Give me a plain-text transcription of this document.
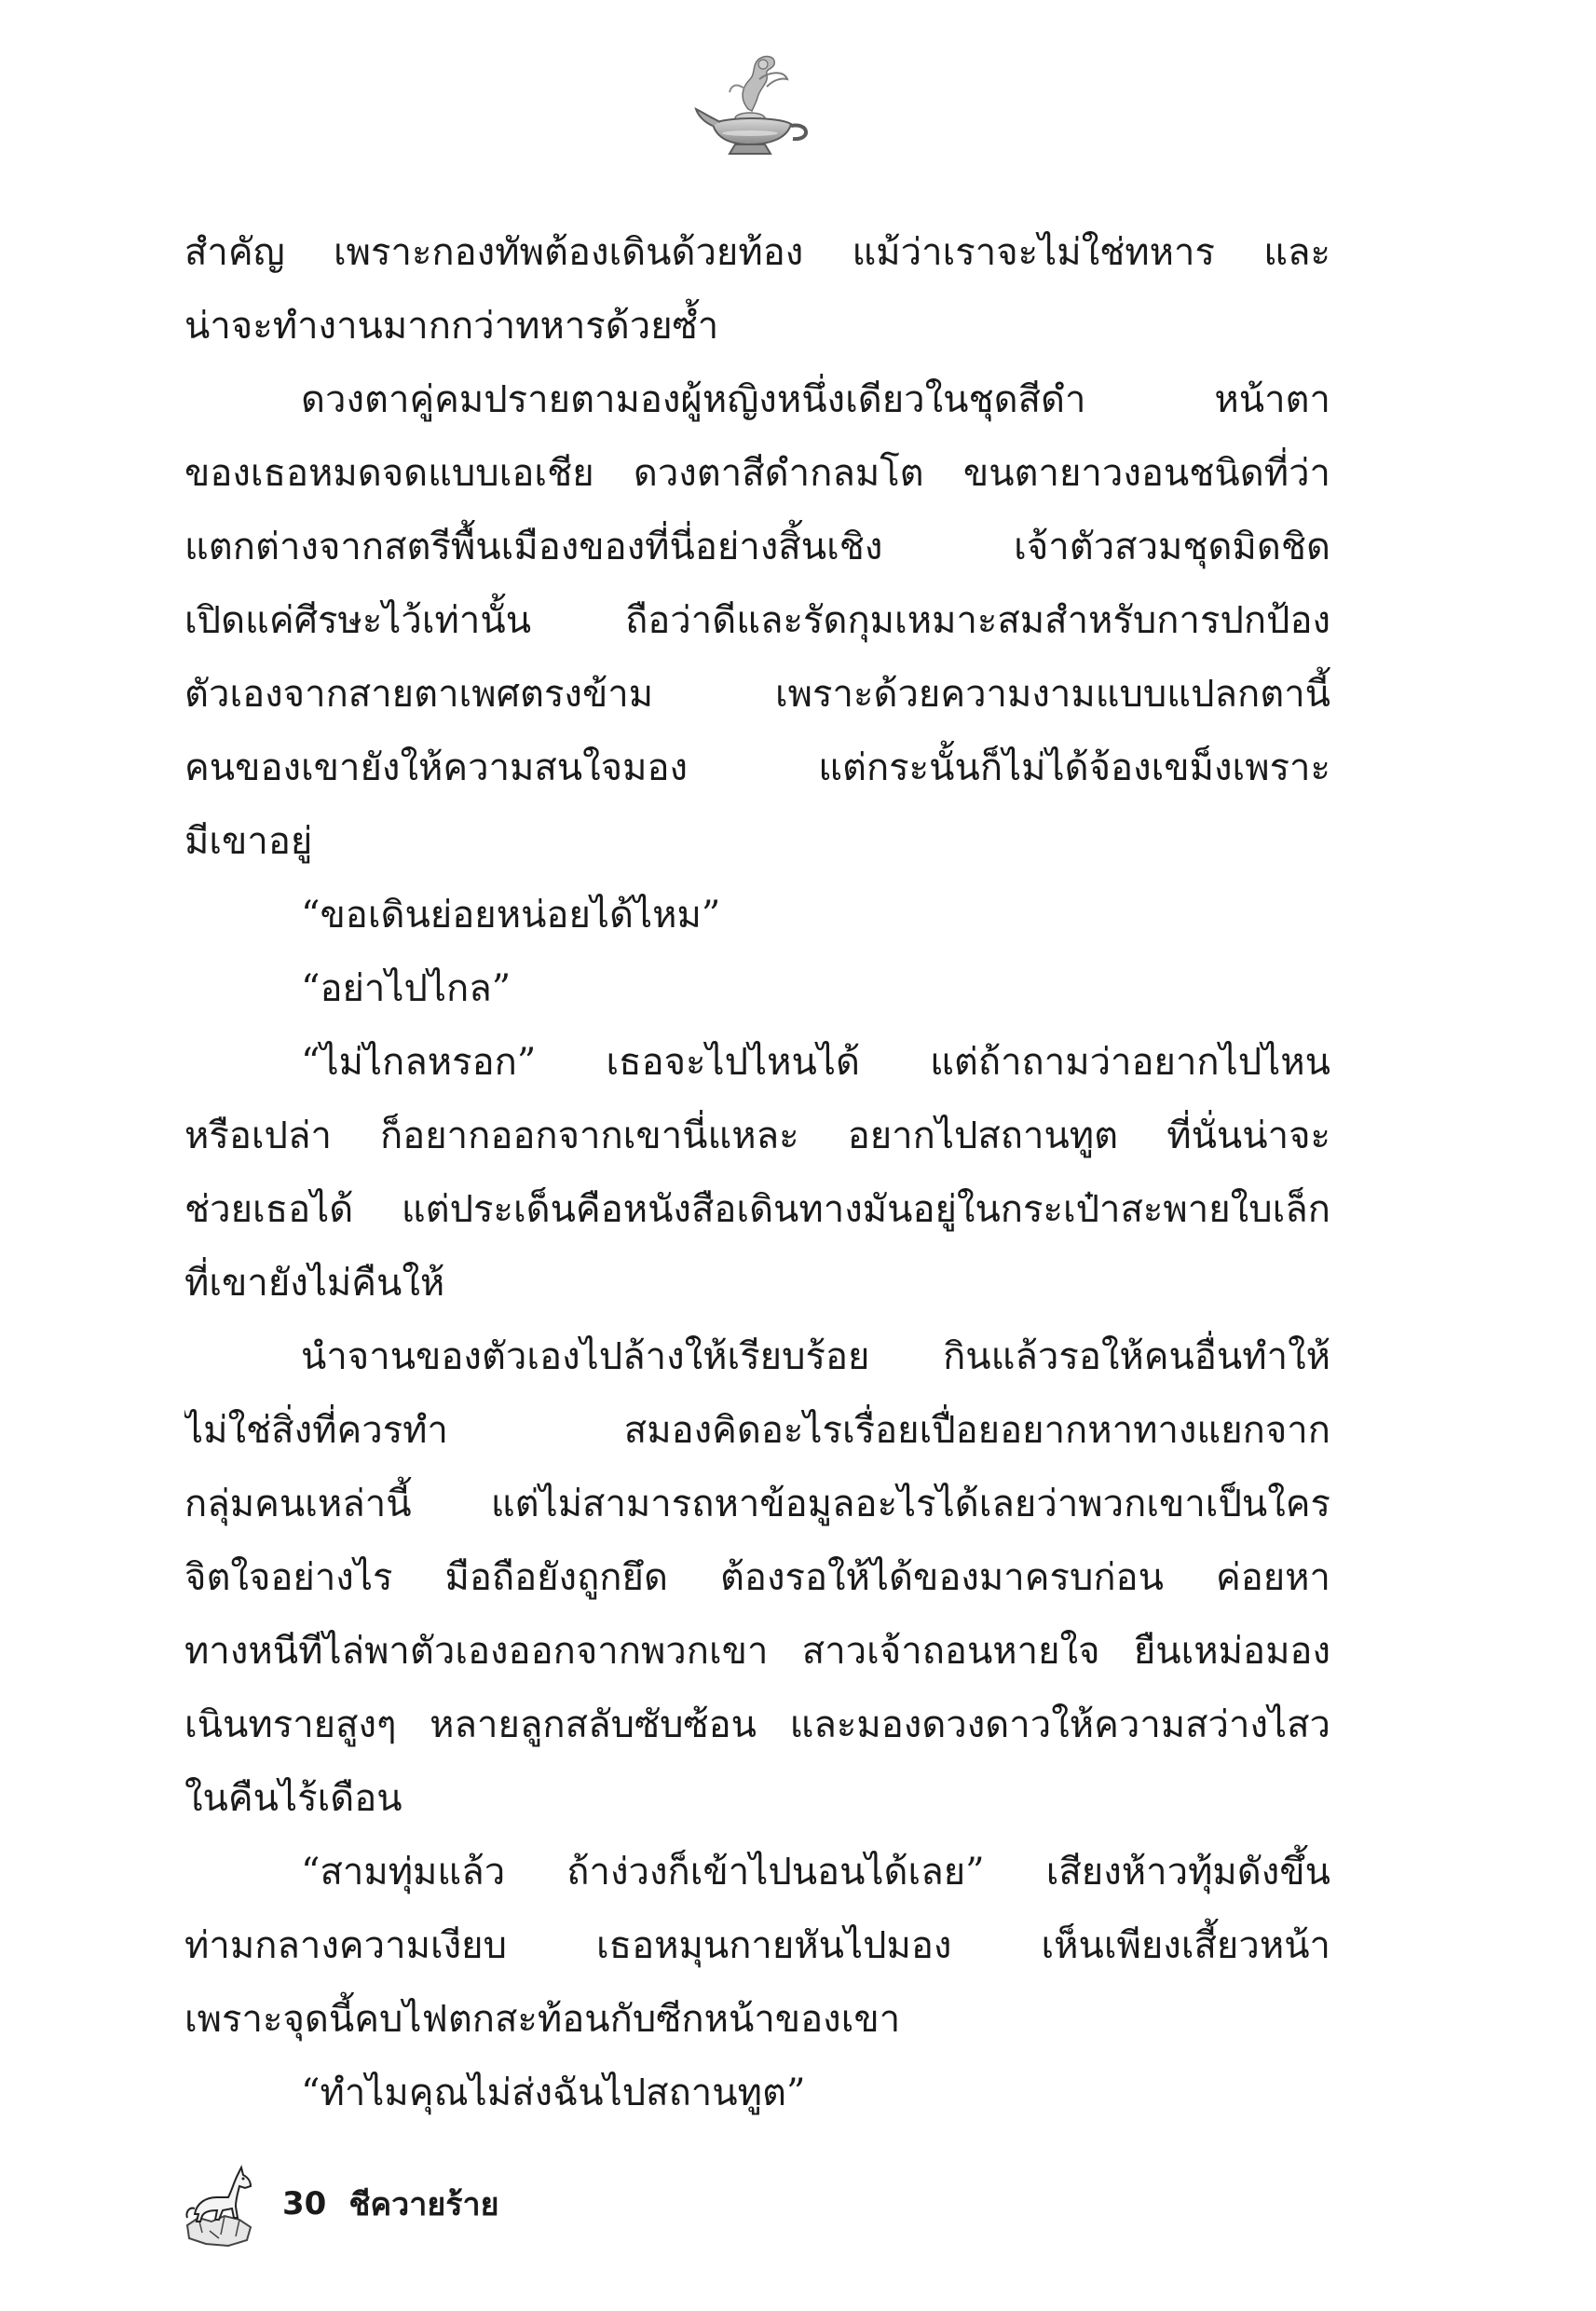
สำคัญ เพราะกองทัพต้องเดินด้วยท้อง แม้ว่าเราจะไม่ใช่ทหาร และ
น่าจะทำงานมากกว่าทหารด้วยซ้ำ
ดวงตาคู่คมปรายตามองผู้หญิงหนึ่งเดียวในชุดสีดำ หน้าตา
ของเธอหมดจดแบบเอเชีย ดวงตาสีดำกลมโต ขนตายาวงอนชนิดที่ว่า
แตกต่างจากสตรีพื้นเมืองของที่นี่อย่างสิ้นเชิง เจ้าตัวสวมชุดมิดชิด
เปิดแค่ศีรษะไว้เท่านั้น ถือว่าดีและรัดกุมเหมาะสมสำหรับการปกป้อง
ตัวเองจากสายตาเพศตรงข้าม เพราะด้วยความงามแบบแปลกตานี้
คนของเขายังให้ความสนใจมอง แต่กระนั้นก็ไม่ได้จ้องเขม็งเพราะ
มีเขาอยู่
“ขอเดินย่อยหน่อยได้ไหม”
“อย่าไปไกล”
“ไม่ไกลหรอก” เธอจะไปไหนได้ แต่ถ้าถามว่าอยากไปไหน
หรือเปล่า ก็อยากออกจากเขานี่แหละ อยากไปสถานทูต ที่นั่นน่าจะ
ช่วยเธอได้ แต่ประเด็นคือหนังสือเดินทางมันอยู่ในกระเป๋าสะพายใบเล็ก
ที่เขายังไม่คืนให้
นำจานของตัวเองไปล้างให้เรียบร้อย กินแล้วรอให้คนอื่นทำให้
ไม่ใช่สิ่งที่ควรทำ สมองคิดอะไรเรื่อยเปื่อยอยากหาทางแยกจาก
กลุ่มคนเหล่านี้ แต่ไม่สามารถหาข้อมูลอะไรได้เลยว่าพวกเขาเป็นใคร
จิตใจอย่างไร มือถือยังถูกยึด ต้องรอให้ได้ของมาครบก่อน ค่อยหา
ทางหนีทีไล่พาตัวเองออกจากพวกเขา สาวเจ้าถอนหายใจ ยืนเหม่อมอง
เนินทรายสูงๆ หลายลูกสลับซับซ้อน และมองดวงดาวให้ความสว่างไสว
ในคืนไร้เดือน
“สามทุ่มแล้ว ถ้าง่วงก็เข้าไปนอนได้เลย” เสียงห้าวทุ้มดังขึ้น
ท่ามกลางความเงียบ เธอหมุนกายหันไปมอง เห็นเพียงเสี้ยวหน้า
เพราะจุดนี้คบไฟตกสะท้อนกับซีกหน้าของเขา
“ทำไมคุณไม่ส่งฉันไปสถานทูต”
30 ชีควายร้าย
